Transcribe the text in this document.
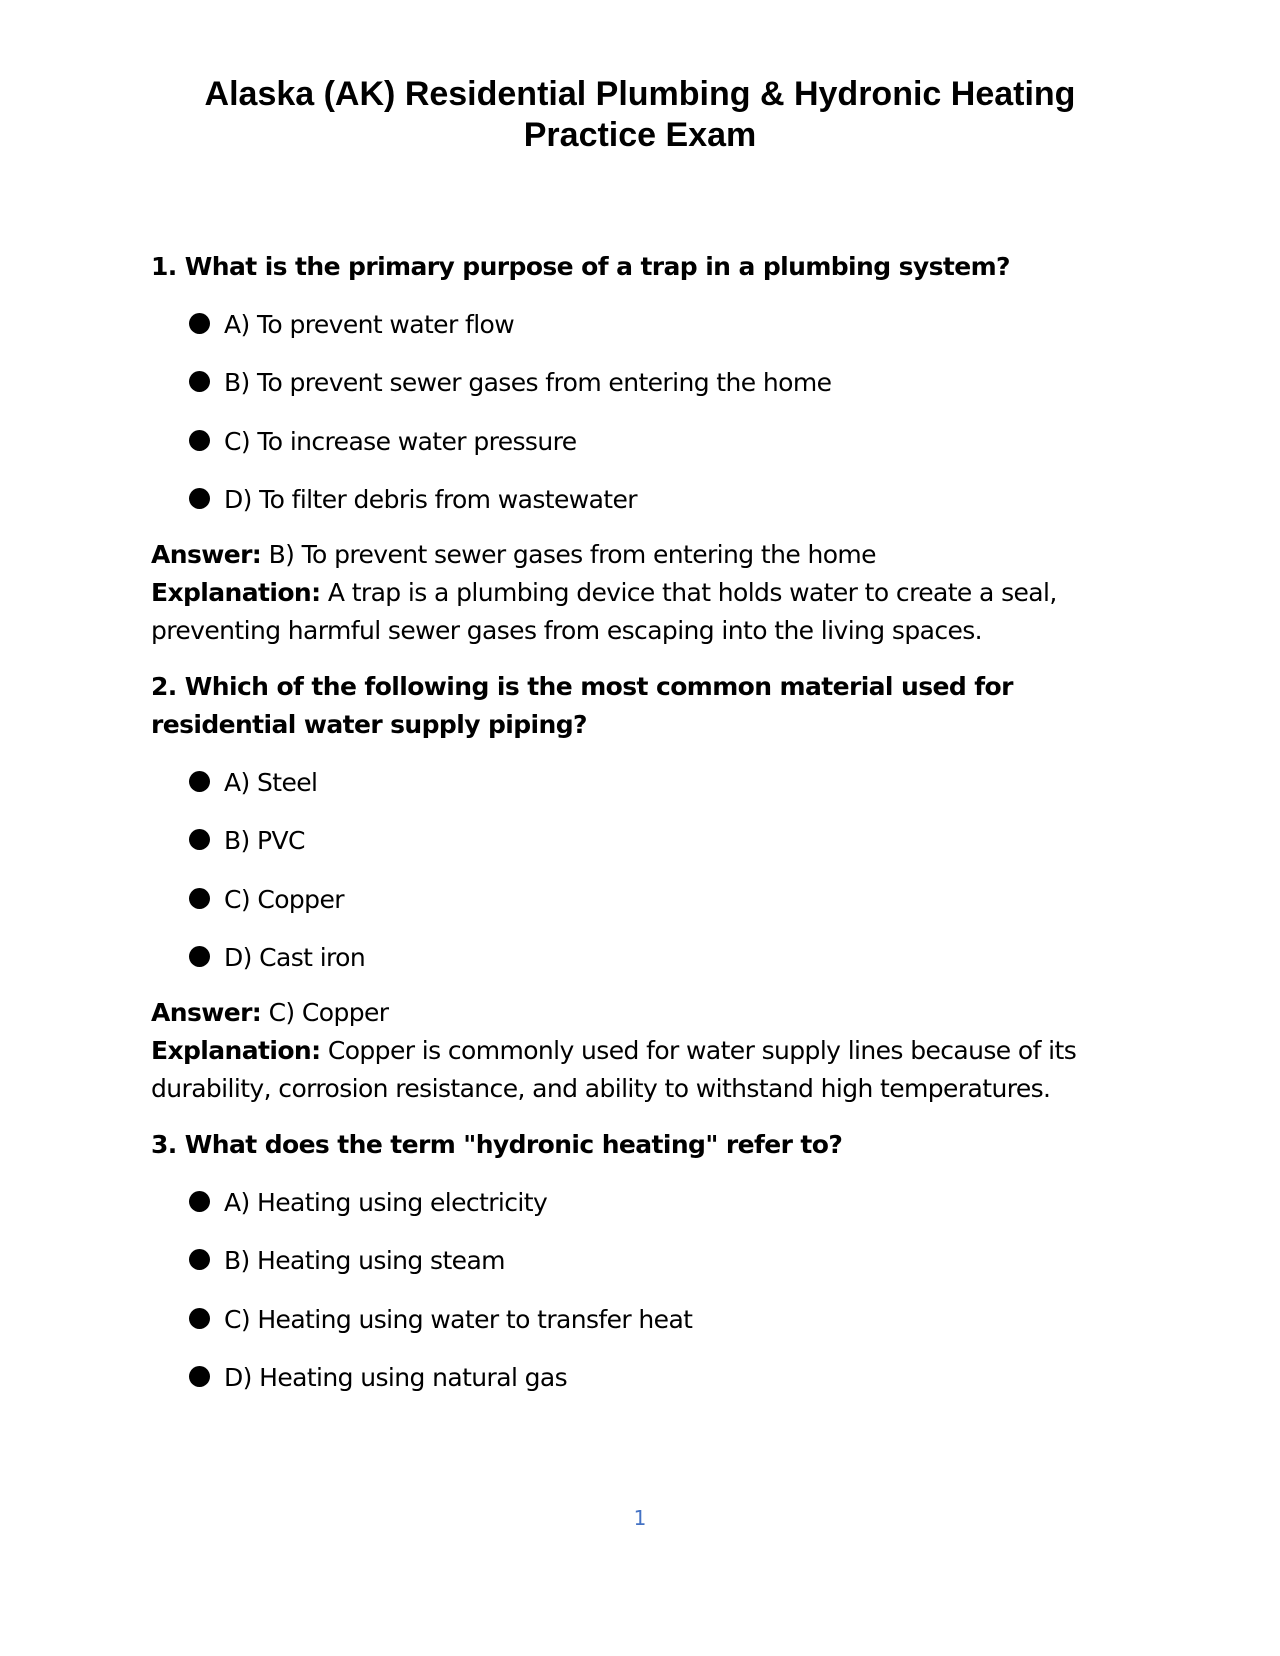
Alaska (AK) Residential Plumbing & Hydronic Heating
Practice Exam

1. What is the primary purpose of a trap in a plumbing system?

A) To prevent water flow
B) To prevent sewer gases from entering the home
C) To increase water pressure
D) To filter debris from wastewater
Answer: B) To prevent sewer gases from entering the home
Explanation: A trap is a plumbing device that holds water to create a seal, preventing harmful sewer gases from escaping into the living spaces.

2. Which of the following is the most common material used for residential water supply piping?

A) Steel
B) PVC
C) Copper
D) Cast iron
Answer: C) Copper
Explanation: Copper is commonly used for water supply lines because of its durability, corrosion resistance, and ability to withstand high temperatures.

3. What does the term "hydronic heating" refer to?

A) Heating using electricity
B) Heating using steam
C) Heating using water to transfer heat
D) Heating using natural gas
1
